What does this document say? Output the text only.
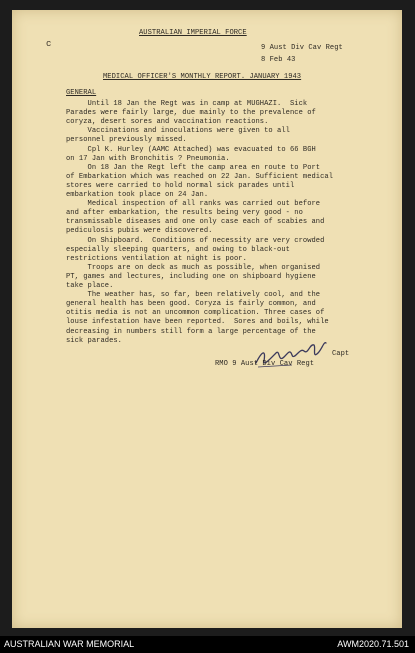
c
AUSTRALIAN IMPERIAL FORCE
9 Aust Div Cav Regt
8 Feb 43
MEDICAL OFFICER'S MONTHLY REPORT. JANUARY 1943
GENERAL
Until 18 Jan the Regt was in camp at MUGHAZI.  Sick
Parades were fairly large, due mainly to the prevalence of
coryza, desert sores and vaccination reactions.
Vaccinations and inoculations were given to all
personnel previously missed.
Cpl K. Hurley (AAMC Attached) was evacuated to 66 BGH
on 17 Jan with Bronchitis ? Pneumonia.
On 18 Jan the Regt left the camp area en route to Port
of Embarkation which was reached on 22 Jan. Sufficient medical
stores were carried to hold normal sick parades until
embarkation took place on 24 Jan.
Medical inspection of all ranks was carried out before
and after embarkation, the results being very good - no
transmissable diseases and one only case each of scabies and
pediculosis pubis were discovered.
On Shipboard.  Conditions of necessity are very crowded
especially sleeping quarters, and owing to black-out
restrictions ventilation at night is poor.
Troops are on deck as much as possible, when organised
PT, games and lectures, including one on shipboard hygiene
take place.
The weather has, so far, been relatively cool, and the
general health has been good. Coryza is fairly common, and
otitis media is not an uncommon complication. Three cases of
louse infestation have been reported.  Sores and boils, while
decreasing in numbers still form a large percentage of the
sick parades.
Capt
RMO 9 Aust Div Cav Regt
AUSTRALIAN WAR MEMORIAL	AWM2020.71.501
